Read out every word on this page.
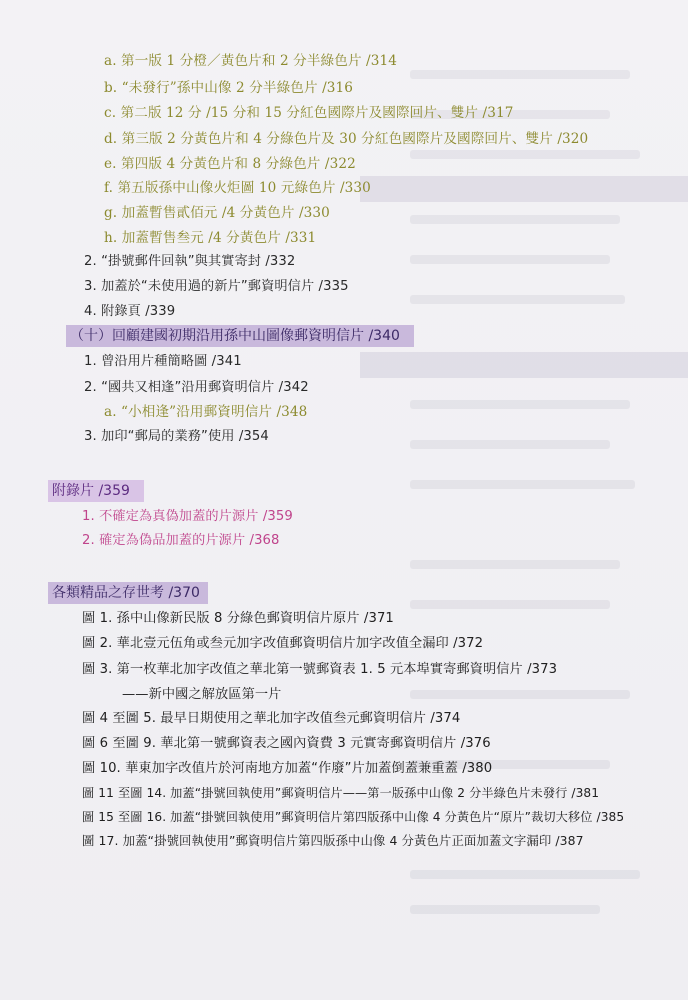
a. 第一版 1 分橙／黃色片和 2 分半綠色片 /314
b. “未發行”孫中山像 2 分半綠色片 /316
c. 第二版 12 分 /15 分和 15 分紅色國際片及國際回片、雙片 /317
d. 第三版 2 分黃色片和 4 分綠色片及 30 分紅色國際片及國際回片、雙片 /320
e. 第四版 4 分黃色片和 8 分綠色片 /322
f. 第五版孫中山像火炬圖 10 元綠色片 /330
g. 加蓋暫售貳佰元 /4 分黃色片 /330
h. 加蓋暫售叁元 /4 分黃色片 /331
2. “掛號郵件回執”與其實寄封 /332
3. 加蓋於“未使用過的新片”郵資明信片 /335
4. 附錄頁 /339
（十）回顧建國初期沿用孫中山圖像郵資明信片 /340
1. 曾沿用片種簡略圖 /341
2. “國共又相逢”沿用郵資明信片 /342
a. “小相逢”沿用郵資明信片 /348
3. 加印“郵局的業務”使用 /354
附錄片 /359
1. 不確定為真偽加蓋的片源片 /359
2. 確定為偽品加蓋的片源片 /368
各類精品之存世考 /370
圖 1. 孫中山像新民版 8 分綠色郵資明信片原片 /371
圖 2. 華北壹元伍角或叁元加字改值郵資明信片加字改值全漏印 /372
圖 3. 第一枚華北加字改值之華北第一號郵資表 1. 5 元本埠實寄郵資明信片 /373
——新中國之解放區第一片
圖 4 至圖 5. 最早日期使用之華北加字改值叁元郵資明信片 /374
圖 6 至圖 9. 華北第一號郵資表之國內資費 3 元實寄郵資明信片 /376
圖 10. 華東加字改值片於河南地方加蓋“作廢”片加蓋倒蓋兼重蓋 /380
圖 11 至圖 14. 加蓋“掛號回執使用”郵資明信片——第一版孫中山像 2 分半綠色片未發行 /381
圖 15 至圖 16. 加蓋“掛號回執使用”郵資明信片第四版孫中山像 4 分黃色片“原片”裁切大移位 /385
圖 17. 加蓋“掛號回執使用”郵資明信片第四版孫中山像 4 分黃色片正面加蓋文字漏印 /387
